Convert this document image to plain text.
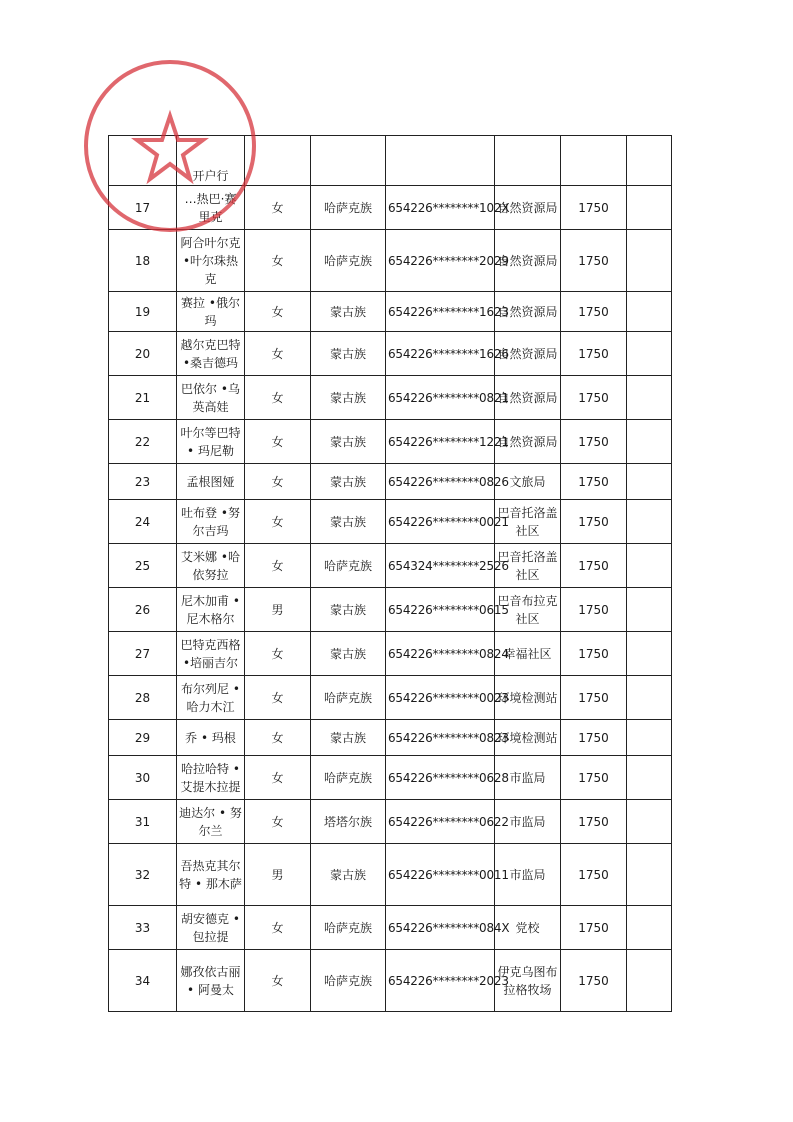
	开户行						
17	…热巴·赛里克	女	哈萨克族	654226********102X	自然资源局	1750	
18	阿合叶尔克 •叶尔珠热克	女	哈萨克族	654226********2029	自然资源局	1750	
19	赛拉 •俄尔玛	女	蒙古族	654226********1623	自然资源局	1750	
20	越尔克巴特 •桑吉德玛	女	蒙古族	654226********1626	自然资源局	1750	
21	巴依尔 •乌英高娃	女	蒙古族	654226********0821	自然资源局	1750	
22	叶尔等巴特 • 玛尼勒	女	蒙古族	654226********1221	自然资源局	1750	
23	孟根图娅	女	蒙古族	654226********0826	文旅局	1750	
24	吐布登 •努尔吉玛	女	蒙古族	654226********0021	巴音托洛盖社区	1750	
25	艾米娜 •哈依努拉	女	哈萨克族	654324********2526	巴音托洛盖社区	1750	
26	尼木加甫 •尼木格尔	男	蒙古族	654226********0615	巴音布拉克社区	1750	
27	巴特克西格 •培丽吉尔	女	蒙古族	654226********0824	幸福社区	1750	
28	布尔列尼 •哈力木江	女	哈萨克族	654226********0023	环境检测站	1750	
29	乔 • 玛根	女	蒙古族	654226********0823	环境检测站	1750	
30	哈拉哈特 •艾提木拉提	女	哈萨克族	654226********0628	市监局	1750	
31	迪达尔 • 努尔兰	女	塔塔尔族	654226********0622	市监局	1750	
32	吾热克其尔特 • 那木萨	男	蒙古族	654226********0011	市监局	1750	
33	胡安德克 • 包拉提	女	哈萨克族	654226********084X	党校	1750	
34	娜孜依古丽 • 阿曼太	女	哈萨克族	654226********2023	伊克乌图布拉格牧场	1750	
